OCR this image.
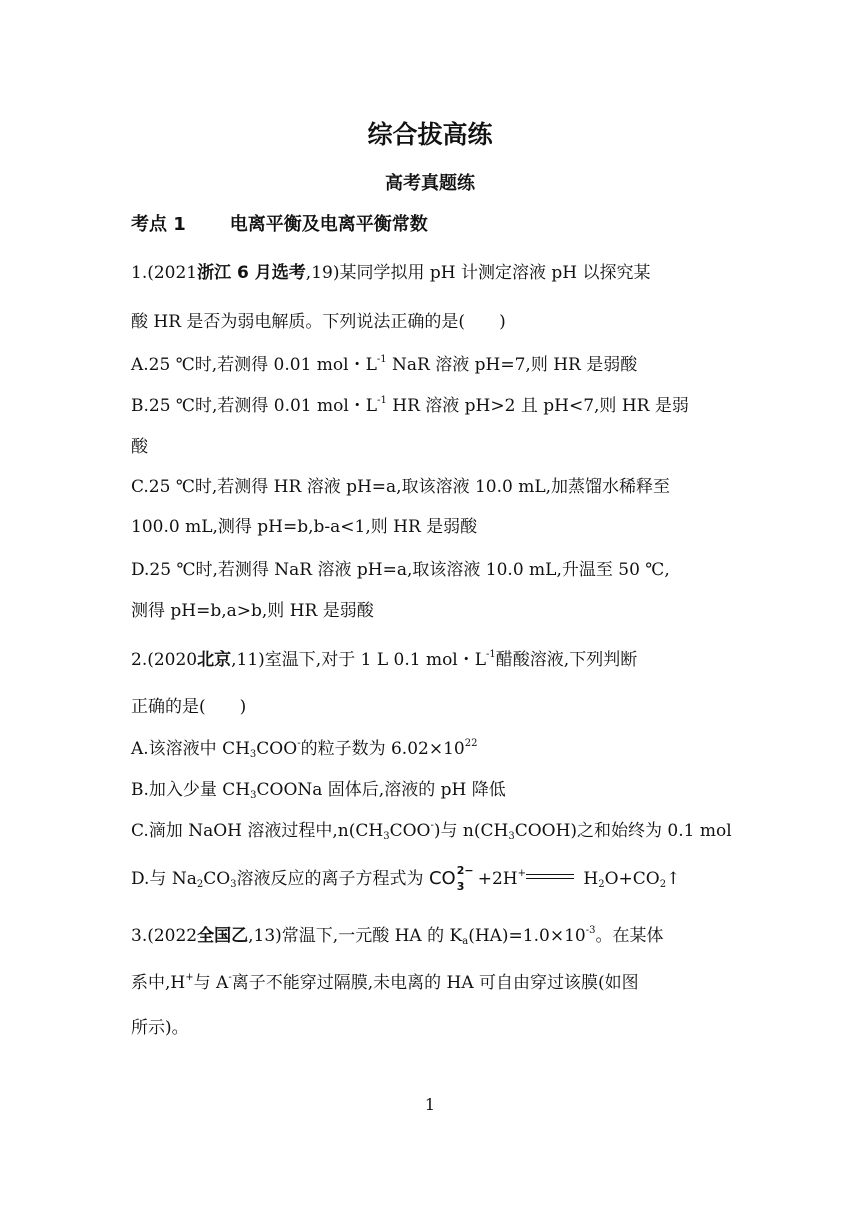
综合拔高练
高考真题练
考点 1 电离平衡及电离平衡常数
1.(2021浙江 6 月选考,19)某同学拟用 pH 计测定溶液 pH 以探究某
酸 HR 是否为弱电解质。下列说法正确的是(　　)
A.25 ℃时,若测得 0.01 mol・$L^{-1}$ NaR 溶液 pH=7,则 HR 是弱酸
B.25 ℃时,若测得 0.01 mol・$L^{-1}$ HR 溶液 pH>2 且 pH<7,则 HR 是弱
酸
C.25 ℃时,若测得 HR 溶液 pH=a,取该溶液 10.0 mL,加蒸馏水稀释至
100.0 mL,测得 pH=b,b-a<1,则 HR 是弱酸
D.25 ℃时,若测得 NaR 溶液 pH=a,取该溶液 10.0 mL,升温至 50 ℃,
测得 pH=b,a>b,则 HR 是弱酸
2.(2020北京,11)室温下,对于 1 L 0.1 mol・$L^{-1}$醋酸溶液,下列判断
正确的是(　　)
A.该溶液中 $CH_3COO^-$的粒子数为 $6.02\times 10^{22}$
B.加入少量 $CH_3COONa$ 固体后,溶液的 pH 降低
C.滴加 NaOH 溶液过程中$,n(CH_3COO^-)$与 $n(CH_3COOH)$之和始终为 0.1 mol
D.与 $Na_2CO_3$溶液反应的离子方程式为 CO 2−
3 +2H+	$H_2O+CO_2↑$
3.(2022全国乙,13)常温下,一元酸 HA 的 $K_a(HA)=1.0\times 10^{-3}$。在某体
系中,H+与 A-离子不能穿过隔膜,未电离的 HA 可自由穿过该膜(如图
所示)。
1
